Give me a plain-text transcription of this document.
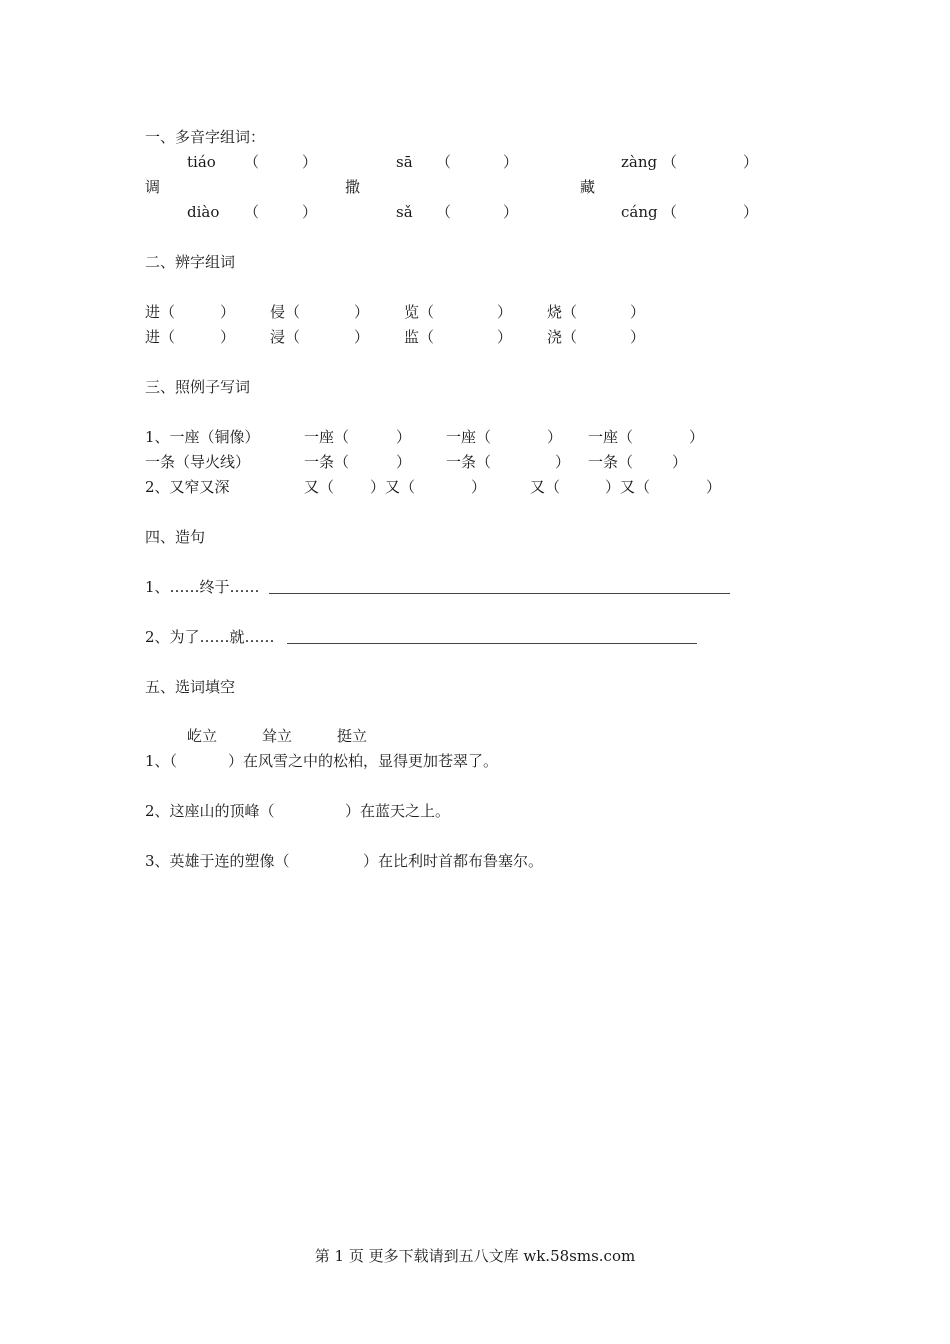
一、多音字组词：
tiáo （	）	sā （	）	zàng （	）
调	撒	藏
diào （	）	sǎ （	）	cáng （	）
二、辨字组词
进（	） 侵（	） 览（	） 烧（	）
进（	） 浸（	） 监（	） 浇（	）
三、照例子写词
1、一座（铜像）	一座（	） 一座（	） 一座（	）
一条（导火线）	一条（	） 一条（	） 一条（	）
2、又窄又深	又（ ）又（	）	又（	）又（	）
四、造句
1、……终于……
2、为了……就……
五、选词填空
屹立	耸立	挺立
1、（	）在风雪之中的松柏，显得更加苍翠了。
2、这座山的顶峰（	）在蓝天之上。
3、英雄于连的塑像（	）在比利时首都布鲁塞尔。
第 1 页 更多下载请到五八文库 wk.58sms.com
